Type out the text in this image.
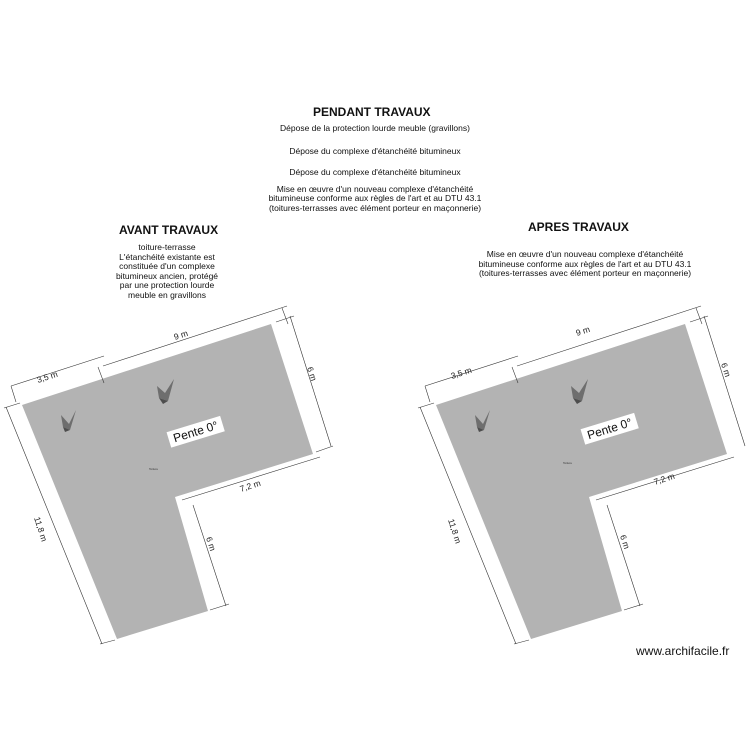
PENDANT TRAVAUX
Dépose de la protection lourde meuble (gravillons)
Dépose du complexe d'étanchéité bitumineux
Dépose du complexe d'étanchéité bitumineux
Mise en œuvre d'un nouveau complexe d'étanchéité
bitumineuse conforme aux règles de l'art et au DTU 43.1
(toitures-terrasses avec élément porteur en maçonnerie)
AVANT TRAVAUX
toiture-terrasse
L'étanchéité existante est
constituée d'un complexe
bitumineux ancien, protégé
par une protection lourde
meuble en gravillons
APRES TRAVAUX
Mise en œuvre d'un nouveau complexe d'étanchéité
bitumineuse conforme aux règles de l'art et au DTU 43.1
(toitures-terrasses avec élément porteur en maçonnerie)
Pente 0°
Toiture
9 m
3,5 m	6 m
7,2 m
6 m
11,8 m
Pente 0°
Toiture
9 m
3,5 m	6 m
7,2 m
6 m
11,8 m
www.archifacile.fr
